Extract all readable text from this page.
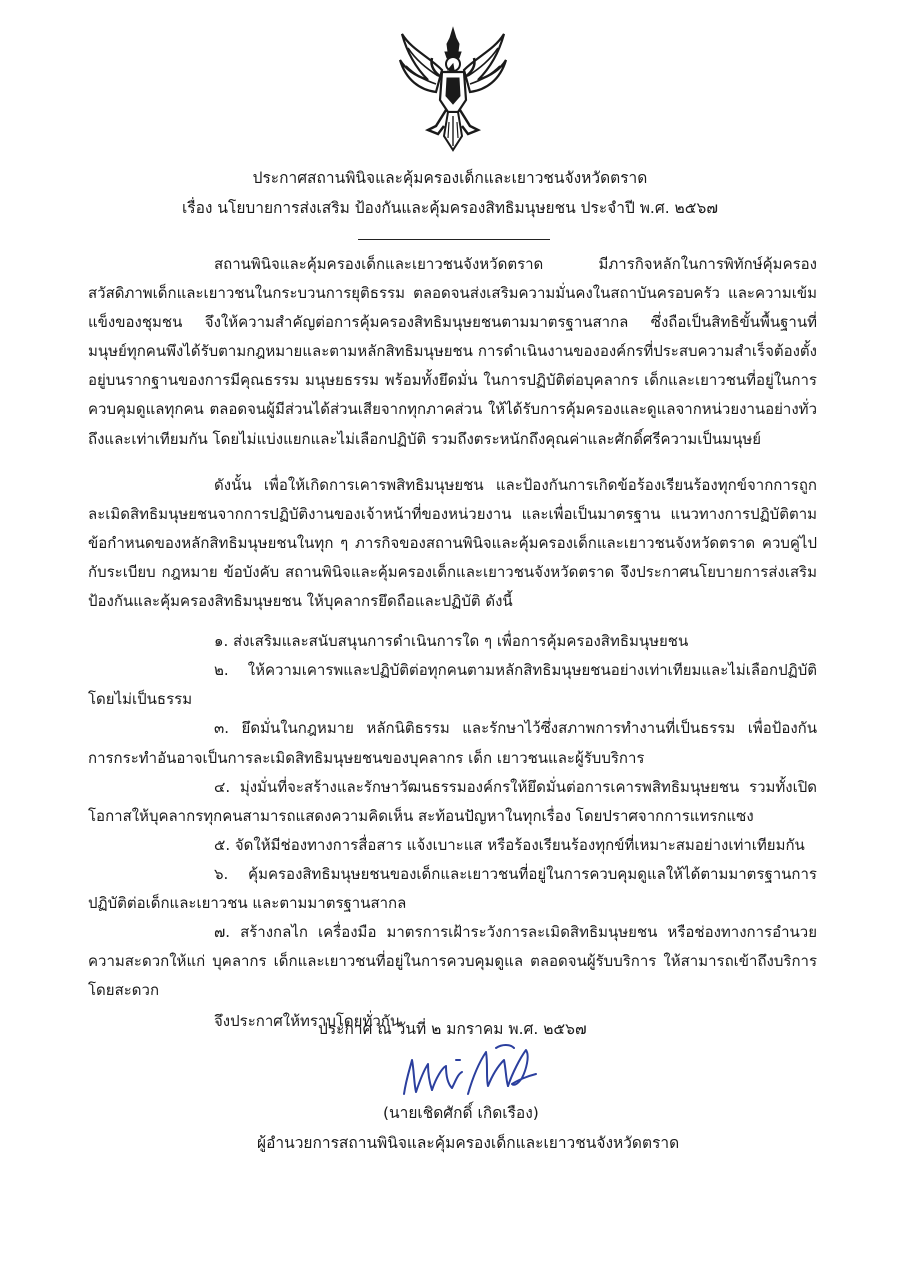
ประกาศสถานพินิจและคุ้มครองเด็กและเยาวชนจังหวัดตราด
เรื่อง นโยบายการส่งเสริม ป้องกันและคุ้มครองสิทธิมนุษยชน ประจำปี พ.ศ. ๒๕๖๗

สถานพินิจและคุ้มครองเด็กและเยาวชนจังหวัดตราด มีภารกิจหลักในการพิทักษ์คุ้มครองสวัสดิภาพเด็กและเยาวชนในกระบวนการยุติธรรม ตลอดจนส่งเสริมความมั่นคงในสถาบันครอบครัว และความเข้มแข็งของชุมชน จึงให้ความสำคัญต่อการคุ้มครองสิทธิมนุษยชนตามมาตรฐานสากล ซึ่งถือเป็นสิทธิขั้นพื้นฐานที่มนุษย์ทุกคนพึงได้รับตามกฎหมายและตามหลักสิทธิมนุษยชน การดำเนินงานขององค์กรที่ประสบความสำเร็จต้องตั้งอยู่บนรากฐานของการมีคุณธรรม มนุษยธรรม พร้อมทั้งยึดมั่น ในการปฏิบัติต่อบุคลากร เด็กและเยาวชนที่อยู่ในการควบคุมดูแลทุกคน ตลอดจนผู้มีส่วนได้ส่วนเสียจากทุกภาคส่วน ให้ได้รับการคุ้มครองและดูแลจากหน่วยงานอย่างทั่วถึงและเท่าเทียมกัน โดยไม่แบ่งแยกและไม่เลือกปฏิบัติ รวมถึงตระหนักถึงคุณค่าและศักดิ์ศรีความเป็นมนุษย์

ดังนั้น เพื่อให้เกิดการเคารพสิทธิมนุษยชน และป้องกันการเกิดข้อร้องเรียนร้องทุกข์จากการถูกละเมิดสิทธิมนุษยชนจากการปฏิบัติงานของเจ้าหน้าที่ของหน่วยงาน และเพื่อเป็นมาตรฐาน แนวทางการปฏิบัติตามข้อกำหนดของหลักสิทธิมนุษยชนในทุก ๆ ภารกิจของสถานพินิจและคุ้มครองเด็กและเยาวชนจังหวัดตราด ควบคู่ไปกับระเบียบ กฎหมาย ข้อบังคับ สถานพินิจและคุ้มครองเด็กและเยาวชนจังหวัดตราด จึงประกาศนโยบายการส่งเสริม ป้องกันและคุ้มครองสิทธิมนุษยชน ให้บุคลากรยึดถือและปฏิบัติ ดังนี้

๑. ส่งเสริมและสนับสนุนการดำเนินการใด ๆ เพื่อการคุ้มครองสิทธิมนุษยชน

๒. ให้ความเคารพและปฏิบัติต่อทุกคนตามหลักสิทธิมนุษยชนอย่างเท่าเทียมและไม่เลือกปฏิบัติโดยไม่เป็นธรรม

๓. ยึดมั่นในกฎหมาย หลักนิติธรรม และรักษาไว้ซึ่งสภาพการทำงานที่เป็นธรรม เพื่อป้องกันการกระทำอันอาจเป็นการละเมิดสิทธิมนุษยชนของบุคลากร เด็ก เยาวชนและผู้รับบริการ

๔. มุ่งมั่นที่จะสร้างและรักษาวัฒนธรรมองค์กรให้ยึดมั่นต่อการเคารพสิทธิมนุษยชน รวมทั้งเปิดโอกาสให้บุคลากรทุกคนสามารถแสดงความคิดเห็น สะท้อนปัญหาในทุกเรื่อง โดยปราศจากการแทรกแซง

๕. จัดให้มีช่องทางการสื่อสาร แจ้งเบาะแส หรือร้องเรียนร้องทุกข์ที่เหมาะสมอย่างเท่าเทียมกัน

๖. คุ้มครองสิทธิมนุษยชนของเด็กและเยาวชนที่อยู่ในการควบคุมดูแลให้ได้ตามมาตรฐานการปฏิบัติต่อเด็กและเยาวชน และตามมาตรฐานสากล

๗. สร้างกลไก เครื่องมือ มาตรการเฝ้าระวังการละเมิดสิทธิมนุษยชน หรือช่องทางการอำนวยความสะดวกให้แก่ บุคลากร เด็กและเยาวชนที่อยู่ในการควบคุมดูแล ตลอดจนผู้รับบริการ ให้สามารถเข้าถึงบริการโดยสะดวก

จึงประกาศให้ทราบโดยทั่วกัน

ประกาศ ณ วันที่ ๒ มกราคม พ.ศ. ๒๕๖๗
(นายเชิดศักดิ์ เกิดเรือง)
ผู้อำนวยการสถานพินิจและคุ้มครองเด็กและเยาวชนจังหวัดตราด
